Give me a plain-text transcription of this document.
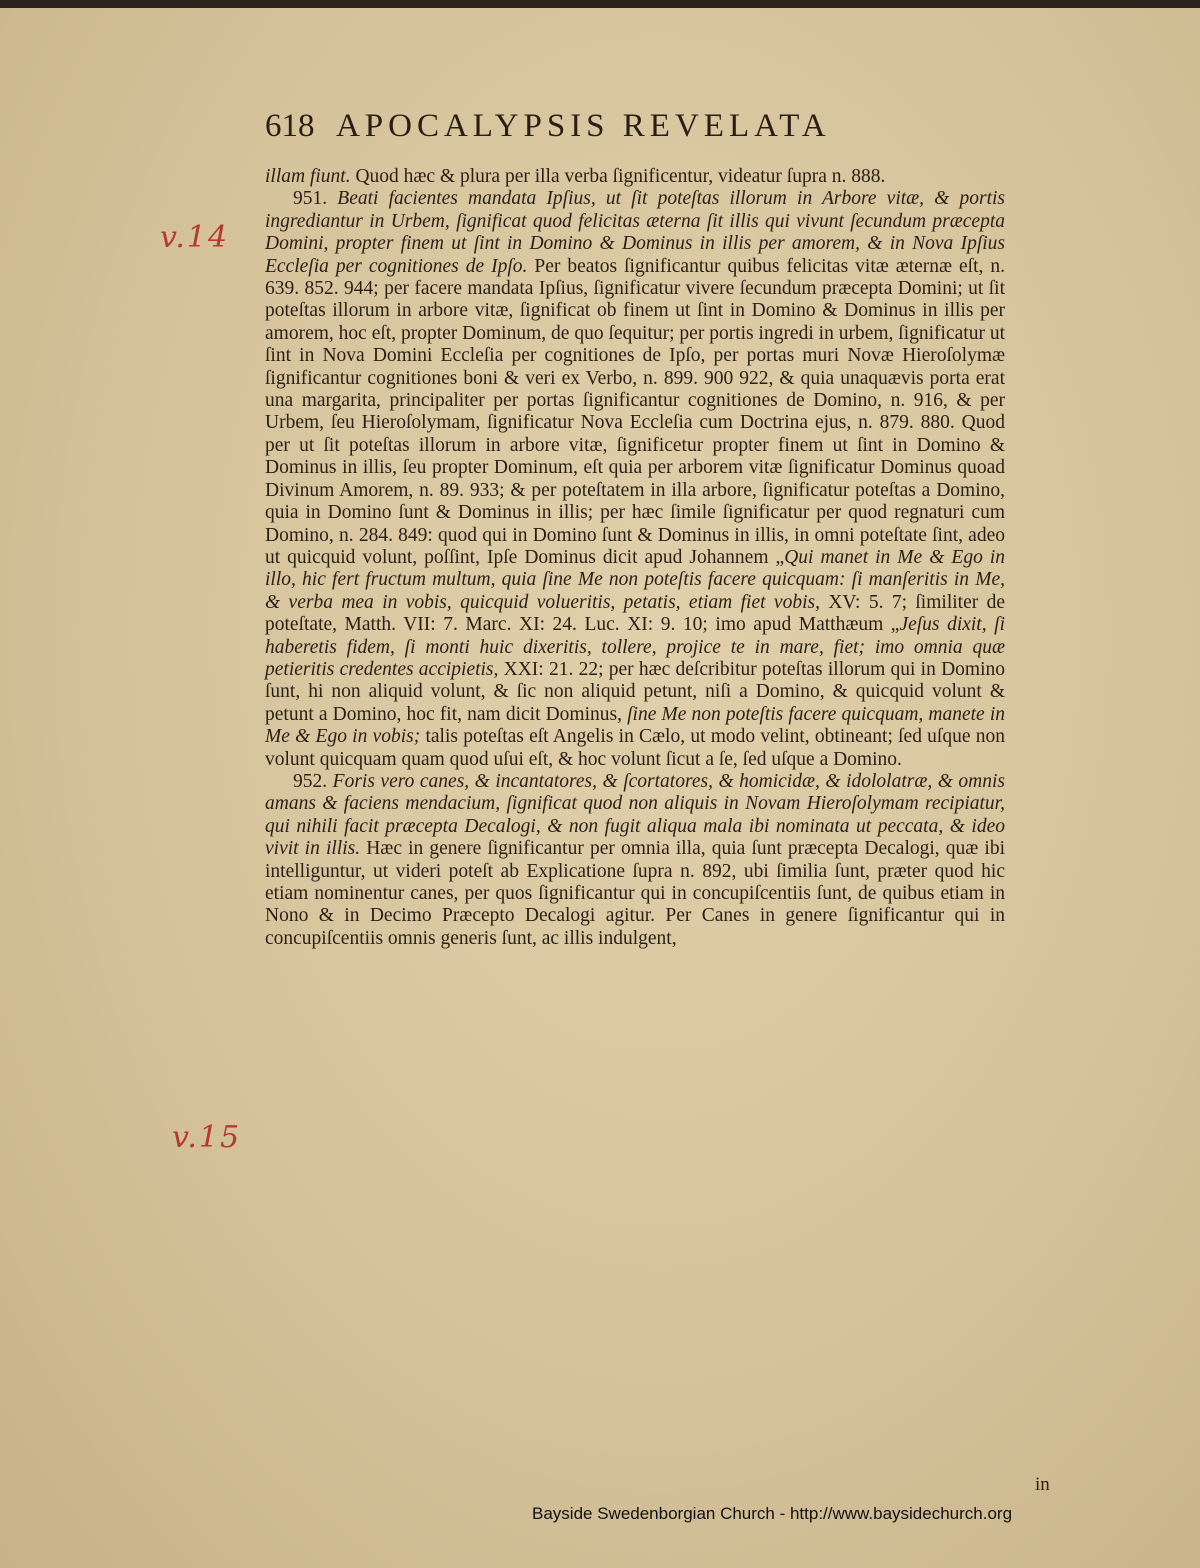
618 APOCALYPSIS REVELATA
v.14
v.15

illam fiunt. Quod hæc & plura per illa verba ſignificentur, videatur ſupra n. 888.

951. Beati facientes mandata Ipſius, ut ſit poteſtas illorum in Arbore vitæ, & portis ingrediantur in Urbem, ſignificat quod felicitas æterna ſit illis qui vivunt ſecundum præcepta Domini, propter finem ut ſint in Domino & Dominus in illis per amorem, & in Nova Ipſius Eccleſia per cognitiones de Ipſo. Per beatos ſignificantur quibus felicitas vitæ æternæ eſt, n. 639. 852. 944; per facere mandata Ipſius, ſignificatur vivere ſecundum præcepta Domini; ut ſit poteſtas illorum in arbore vitæ, ſignificat ob finem ut ſint in Domino & Dominus in illis per amorem, hoc eſt, propter Dominum, de quo ſequitur; per portis ingredi in urbem, ſignificatur ut ſint in Nova Domini Eccleſia per cognitiones de Ipſo, per portas muri Novæ Hieroſolymæ ſignificantur cognitiones boni & veri ex Verbo, n. 899. 900 922, & quia unaquævis porta erat una margarita, principaliter per portas ſignificantur cognitiones de Domino, n. 916, & per Urbem, ſeu Hieroſolymam, ſignificatur Nova Eccleſia cum Doctrina ejus, n. 879. 880. Quod per ut ſit poteſtas illorum in arbore vitæ, ſignificetur propter finem ut ſint in Domino & Dominus in illis, ſeu propter Dominum, eſt quia per arborem vitæ ſignificatur Dominus quoad Divinum Amorem, n. 89. 933; & per poteſtatem in illa arbore, ſignificatur poteſtas a Domino, quia in Domino ſunt & Dominus in illis; per hæc ſimile ſignificatur per quod regnaturi cum Domino, n. 284. 849: quod qui in Domino ſunt & Dominus in illis, in omni poteſtate ſint, adeo ut quicquid volunt, poſſint, Ipſe Dominus dicit apud Johannem „Qui manet in Me & Ego in illo, hic fert fructum multum, quia ſine Me non poteſtis facere quicquam: ſi manſeritis in Me, & verba mea in vobis, quicquid volueritis, petatis, etiam fiet vobis, XV: 5. 7; ſimiliter de poteſtate, Matth. VII: 7. Marc. XI: 24. Luc. XI: 9. 10; imo apud Matthæum „Jeſus dixit, ſi haberetis fidem, ſi monti huic dixeritis, tollere, projice te in mare, fiet; imo omnia quæ petieritis credentes accipietis, XXI: 21. 22; per hæc deſcribitur poteſtas illorum qui in Domino ſunt, hi non aliquid volunt, & ſic non aliquid petunt, niſi a Domino, & quicquid volunt & petunt a Domino, hoc fit, nam dicit Dominus, ſine Me non poteſtis facere quicquam, manete in Me & Ego in vobis; talis poteſtas eſt Angelis in Cælo, ut modo velint, obtineant; ſed uſque non volunt quicquam quam quod uſui eſt, & hoc volunt ſicut a ſe, ſed uſque a Domino.

952. Foris vero canes, & incantatores, & ſcortatores, & homicidæ, & idololatræ, & omnis amans & faciens mendacium, ſignificat quod non aliquis in Novam Hieroſolymam recipiatur, qui nihili facit præcepta Decalogi, & non fugit aliqua mala ibi nominata ut peccata, & ideo vivit in illis. Hæc in genere ſignificantur per omnia illa, quia ſunt præcepta Decalogi, quæ ibi intelliguntur, ut videri poteſt ab Explicatione ſupra n. 892, ubi ſimilia ſunt, præter quod hic etiam nominentur canes, per quos ſignificantur qui in concupiſcentiis ſunt, de quibus etiam in Nono & in Decimo Præcepto Decalogi agitur. Per Canes in genere ſignificantur qui in concupiſcentiis omnis generis ſunt, ac illis indulgent,

in
Bayside Swedenborgian Church - http://www.baysidechurch.org
